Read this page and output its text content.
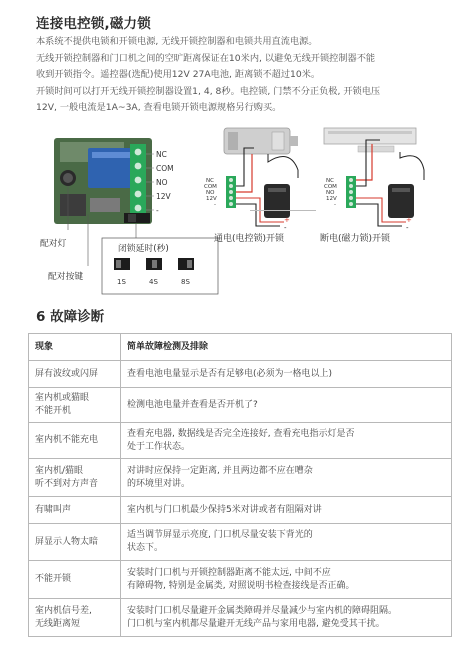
连接电控锁,磁力锁
本系统不提供电锁和开锁电源, 无线开锁控制器和电锁共用直流电源。
无线开锁控制器和门口机之间的空旷距离保证在10米内, 以避免无线开锁控制器不能
收到开锁指令。遥控器(选配)使用12V 27A电池, 距离锁不超过10米。
开锁时间可以打开无线开锁控制器设置1, 4, 8秒。电控锁, 门禁不分正负极, 开锁电压
12V, 一般电流是1A~3A, 查看电锁开锁电源规格另行购买。
NC
COM
NO
12V
-
配对灯
配对按键
闭锁延时(秒)
1S	4S	8S
NC
COM
NO
12V
-
+
-
通电(电控锁)开锁
NC
COM
NO
12V
-
+
-
断电(磁力锁)开锁
6 故障诊断
现象	简单故障检测及排除

屏有波纹或闪屏	查看电池电量显示是否有足够电(必须为一格电以上)

室内机或猫眼
不能开机	检测电池电量并查看是否开机了?

室内机不能充电	查看充电器, 数据线是否完全连接好, 查看充电指示灯是否
处于工作状态。

室内机/猫眼
听不到对方声音	对讲时应保持一定距离, 并且两边都不应在嘈杂
的环境里对讲。

有啸叫声	室内机与门口机最少保持5米对讲或者有阻隔对讲

屏显示人物太暗	适当调节屏显示亮度, 门口机尽量安装下背光的
状态下。

不能开锁	安装时门口机与开锁控制器距离不能太远, 中间不应
有障碍物, 特别是金属类, 对照说明书检查接线是否正确。

室内机信号差,
无线距离短	安装时门口机尽量避开金属类障碍并尽量减少与室内机的障碍阻隔。
门口机与室内机都尽量避开无线产品与家用电器, 避免受其干扰。
